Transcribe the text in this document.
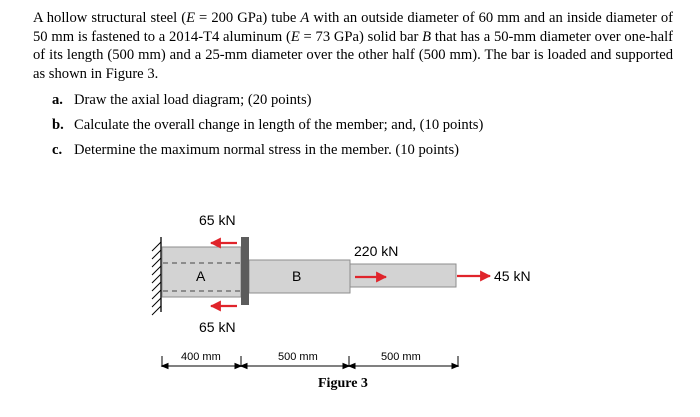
A hollow structural steel (E = 200 GPa) tube A with an outside diameter of 60 mm and an inside diameter of 50 mm is fastened to a 2014-T4 aluminum (E = 73 GPa) solid bar B that has a 50-mm diameter over one-half of its length (500 mm) and a 25-mm diameter over the other half (500 mm). The bar is loaded and supported as shown in Figure 3.

a. Draw the axial load diagram; (20 points)
b. Calculate the overall change in length of the member; and, (10 points)
c. Determine the maximum normal stress in the member. (10 points)
65 kN
65 kN
220 kN
45 kN
A	B
400 mm	500 mm	500 mm
Figure 3
